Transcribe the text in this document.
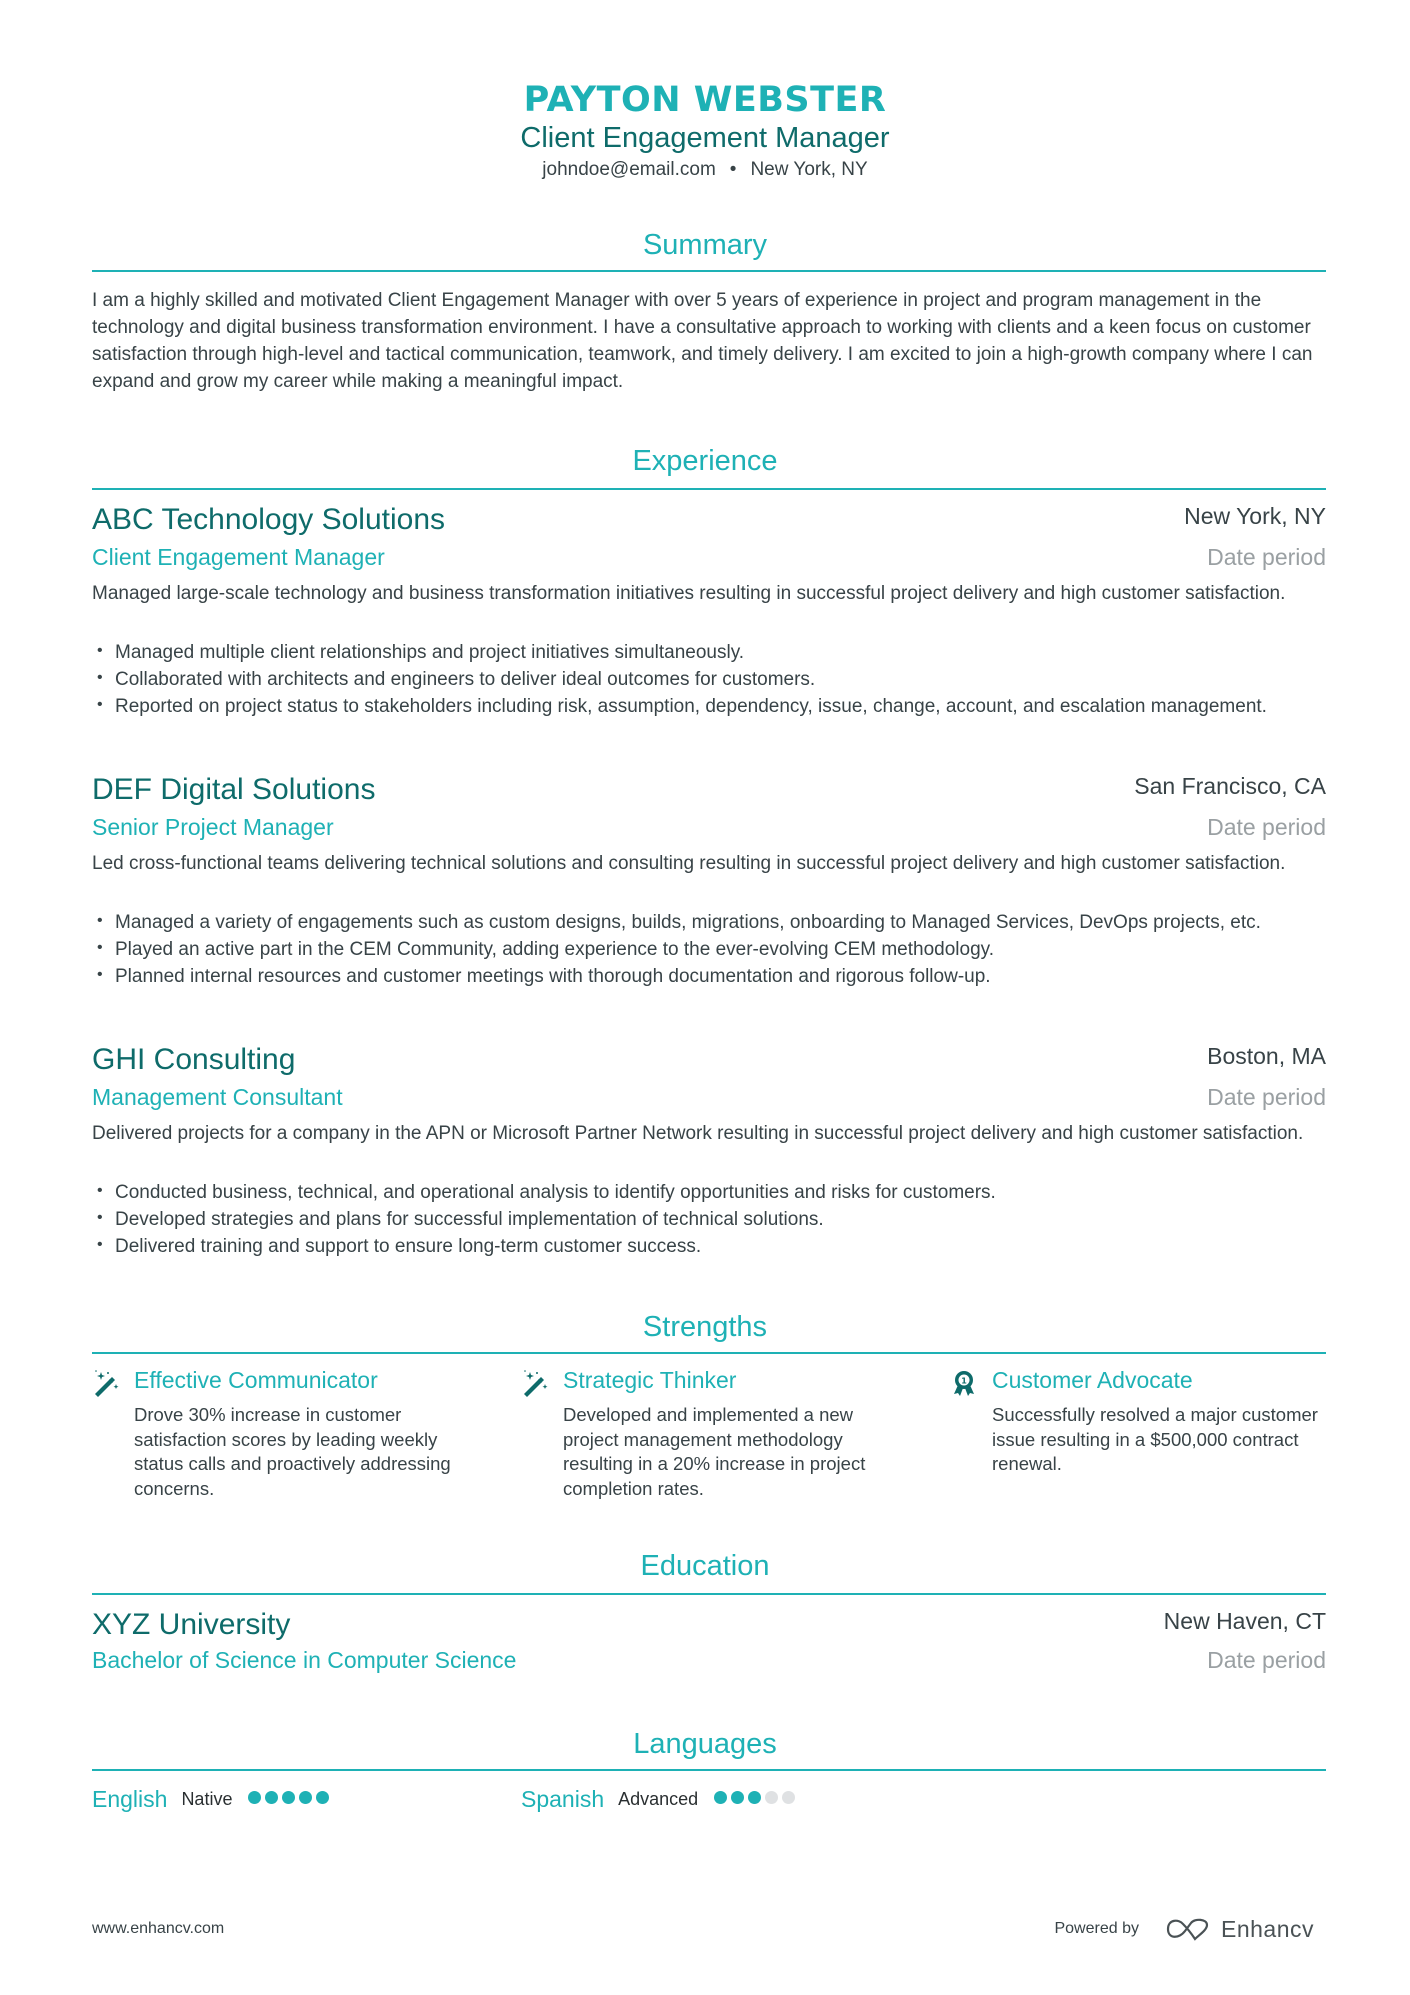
PAYTON WEBSTER
Client Engagement Manager
johndoe@email.com • New York, NY
Summary
I am a highly skilled and motivated Client Engagement Manager with over 5 years of experience in project and program management in the technology and digital business transformation environment. I have a consultative approach to working with clients and a keen focus on customer satisfaction through high-level and tactical communication, teamwork, and timely delivery. I am excited to join a high-growth company where I can expand and grow my career while making a meaningful impact.
Experience
ABC Technology Solutions	New York, NY
Client Engagement Manager	Date period
Managed large-scale technology and business transformation initiatives resulting in successful project delivery and high customer satisfaction.
• Managed multiple client relationships and project initiatives simultaneously.
• Collaborated with architects and engineers to deliver ideal outcomes for customers.
• Reported on project status to stakeholders including risk, assumption, dependency, issue, change, account, and escalation management.
DEF Digital Solutions	San Francisco, CA
Senior Project Manager	Date period
Led cross-functional teams delivering technical solutions and consulting resulting in successful project delivery and high customer satisfaction.
• Managed a variety of engagements such as custom designs, builds, migrations, onboarding to Managed Services, DevOps projects, etc.
• Played an active part in the CEM Community, adding experience to the ever-evolving CEM methodology.
• Planned internal resources and customer meetings with thorough documentation and rigorous follow-up.
GHI Consulting	Boston, MA
Management Consultant	Date period
Delivered projects for a company in the APN or Microsoft Partner Network resulting in successful project delivery and high customer satisfaction.
• Conducted business, technical, and operational analysis to identify opportunities and risks for customers.
• Developed strategies and plans for successful implementation of technical solutions.
• Delivered training and support to ensure long-term customer success.
Strengths
Effective Communicator
Drove 30% increase in customer satisfaction scores by leading weekly status calls and proactively addressing concerns.
Strategic Thinker
Developed and implemented a new project management methodology resulting in a 20% increase in project completion rates.
1 Customer Advocate
Successfully resolved a major customer issue resulting in a $500,000 contract renewal.
Education
XYZ University	New Haven, CT
Bachelor of Science in Computer Science	Date period
Languages
English Native	Spanish Advanced
www.enhancv.com	Powered by	Enhancv
